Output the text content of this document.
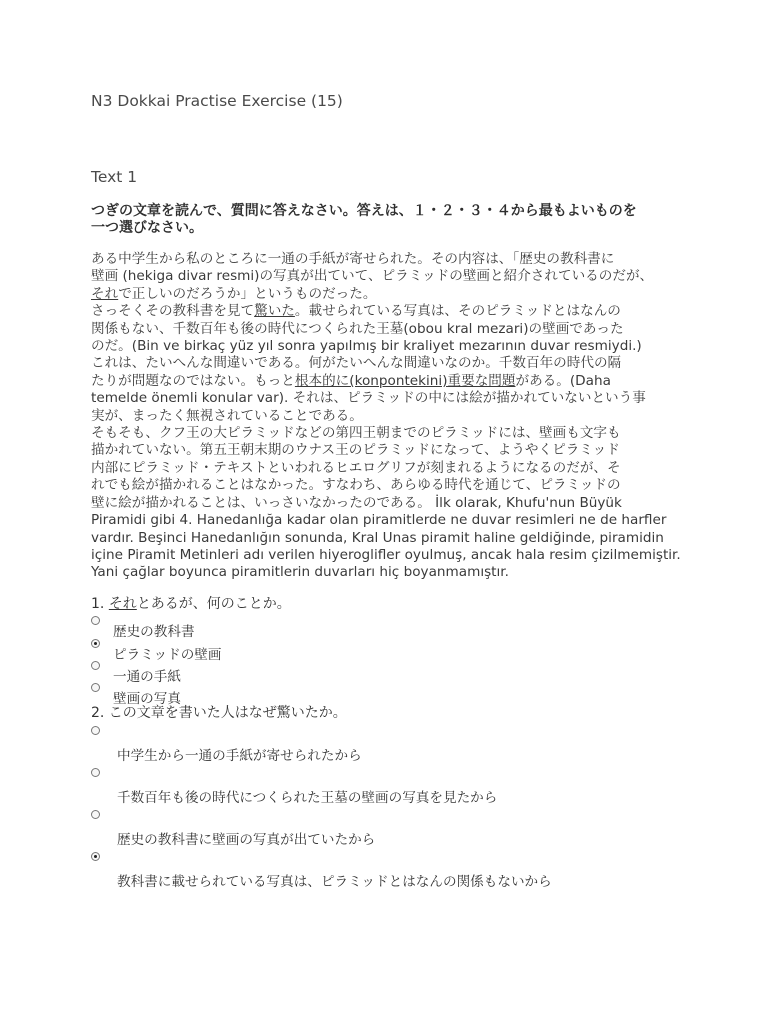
N3 Dokkai Practise Exercise (15)
Text 1
つぎの文章を読んで、質問に答えなさい。答えは、１・２・３・４から最もよいものを
一つ選びなさい。
ある中学生から私のところに一通の手紙が寄せられた。その内容は、「歴史の教科書に
壁画 (hekiga divar resmi)の写真が出ていて、ピラミッドの壁画と紹介されているのだが、
それで正しいのだろうか」というものだった。
さっそくその教科書を見て驚いた。載せられている写真は、そのピラミッドとはなんの
関係もない、千数百年も後の時代につくられた王墓(obou kral mezari)の壁画であった
のだ。(Bin ve birkaç yüz yıl sonra yapılmış bir kraliyet mezarının duvar resmiydi.)
これは、たいへんな間違いである。何がたいへんな間違いなのか。千数百年の時代の隔
たりが問題なのではない。もっと根本的に(konpontekini)重要な問題がある。(Daha
temelde önemli konular var). それは、ピラミッドの中には絵が描かれていないという事
実が、まったく無視されていることである。
そもそも、クフ王の大ピラミッドなどの第四王朝までのピラミッドには、壁画も文字も
描かれていない。第五王朝末期のウナス王のピラミッドになって、ようやくピラミッド
内部にピラミッド・テキストといわれるヒエログリフが刻まれるようになるのだが、そ
れでも絵が描かれることはなかった。すなわち、あらゆる時代を通じて、ピラミッドの
壁に絵が描かれることは、いっさいなかったのである。 İlk olarak, Khufu'nun Büyük
Piramidi gibi 4. Hanedanlığa kadar olan piramitlerde ne duvar resimleri ne de harfler
vardır. Beşinci Hanedanlığın sonunda, Kral Unas piramit haline geldiğinde, piramidin
içine Piramit Metinleri adı verilen hiyeroglifler oyulmuş, ancak hala resim çizilmemiştir.
Yani çağlar boyunca piramitlerin duvarları hiç boyanmamıştır.
1. それとあるが、何のことか。
歴史の教科書
ピラミッドの壁画
一通の手紙
壁画の写真
2. この文章を書いた人はなぜ驚いたか。
中学生から一通の手紙が寄せられたから
千数百年も後の時代につくられた王墓の壁画の写真を見たから
歴史の教科書に壁画の写真が出ていたから
教科書に載せられている写真は、ピラミッドとはなんの関係もないから
